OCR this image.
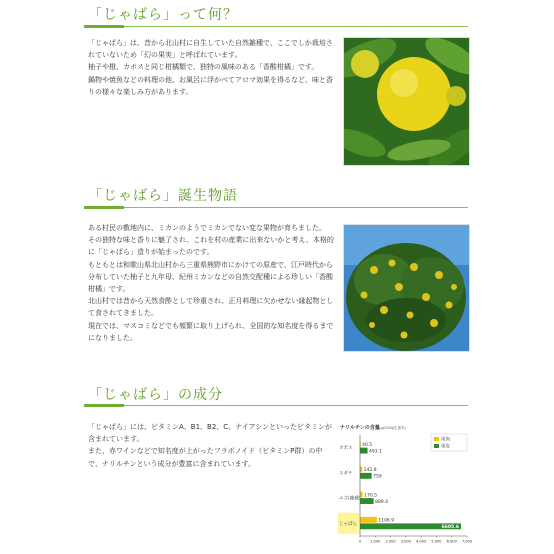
「じゃばら」って何？

「じゃばら」は、昔から北山村に自生していた自然雑種で、ここでしか栽培されていないため「幻の果実」と呼ばれています。

柚子や橙、カボスと同じ柑橘類で、独特の風味のある「香酸柑橘」です。

鍋物や焼魚などの料理の他、お風呂に浮かべてアロマ効果を得るなど、味と香りの様々な楽しみ方があります。

「じゃばら」誕生物語

ある村民の敷地内に、ミカンのようでミカンでない変な果物が育ちました。

その独特な味と香りに魅了され、これを村の産業に出来ないかと考え、本格的に「じゃばら」造りが始まったのです。

もともとは和歌山県北山村から三重県熊野市にかけての原産で、江戸時代から分布していた柚子と九年母、紀州ミカンなどの自然交配種による珍しい「香酸柑橘」です。

北山村では昔から天然食酢として珍重され、正月料理に欠かせない縁起物として食されてきました。

現在では、マスコミなどでも頻繁に取り上げられ、全国的な知名度を得るまでになりました。

「じゃばら」の成分

「じゃばら」には、ビタミンA、B1、B2、C、ナイアシンといったビタミンが含まれています。

また、赤ワインなどで知名度が上がったフラボノイド（ビタミンP群）の中で、ナリルチンという成分が豊富に含まれています。

ナリルチンの含量
(μg/100g生果実)
果肉
果皮
40.5
493.1
142.8
759
170.5
889.4
1106.9
6605.6
カボス
スダチ
ユズ(雑種)
じゃばら
0 1,000 2,000 3,000 4,000 5,000 6,000 7,000
